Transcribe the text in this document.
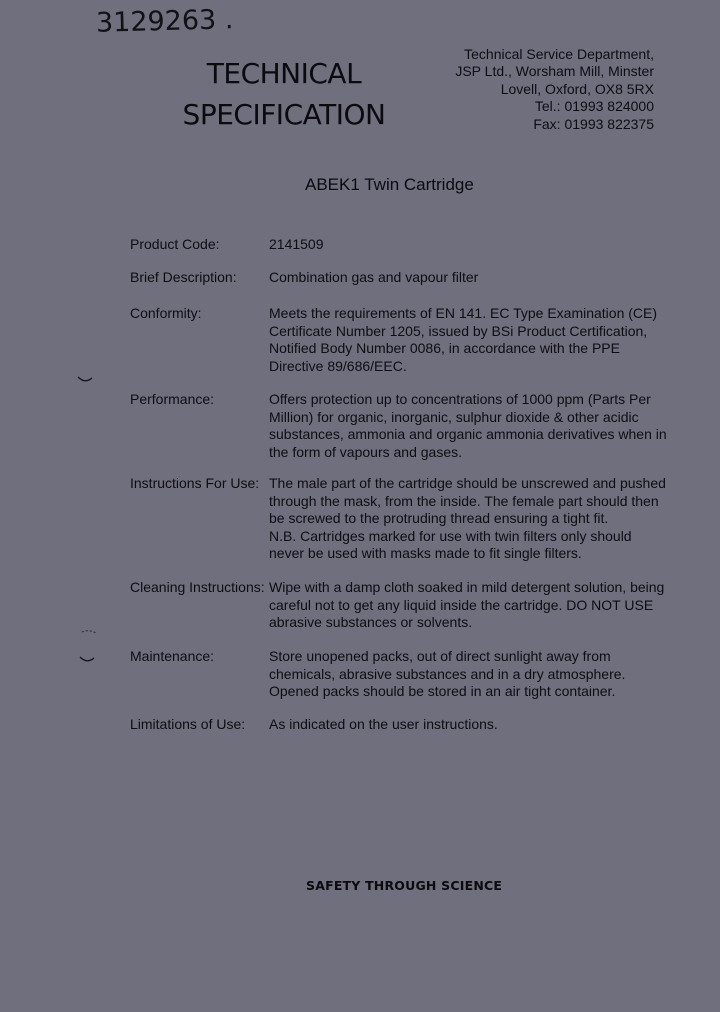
3129263 .
TECHNICAL
SPECIFICATION
Technical Service Department,
JSP Ltd., Worsham Mill, Minster
Lovell, Oxford, OX8 5RX
Tel.: 01993 824000
Fax: 01993 822375
ABEK1 Twin Cartridge
Product Code:	2141509
Brief Description: Combination gas and vapour filter
Conformity:	Meets the requirements of EN 141. EC Type Examination (CE)
Certificate Number 1205, issued by BSi Product Certification,
Notified Body Number 0086, in accordance with the PPE
Directive 89/686/EEC.
Performance:	Offers protection up to concentrations of 1000 ppm (Parts Per
Million) for organic, inorganic, sulphur dioxide & other acidic
substances, ammonia and organic ammonia derivatives when in
the form of vapours and gases.
Instructions For Use: The male part of the cartridge should be unscrewed and pushed
through the mask, from the inside. The female part should then
be screwed to the protruding thread ensuring a tight fit.
N.B. Cartridges marked for use with twin filters only should
never be used with masks made to fit single filters.
Cleaning Instructions: Wipe with a damp cloth soaked in mild detergent solution, being
careful not to get any liquid inside the cartridge. DO NOT USE
abrasive substances or solvents.
Maintenance:	Store unopened packs, out of direct sunlight away from
chemicals, abrasive substances and in a dry atmosphere.
Opened packs should be stored in an air tight container.
Limitations of Use: As indicated on the user instructions.
SAFETY THROUGH SCIENCE
